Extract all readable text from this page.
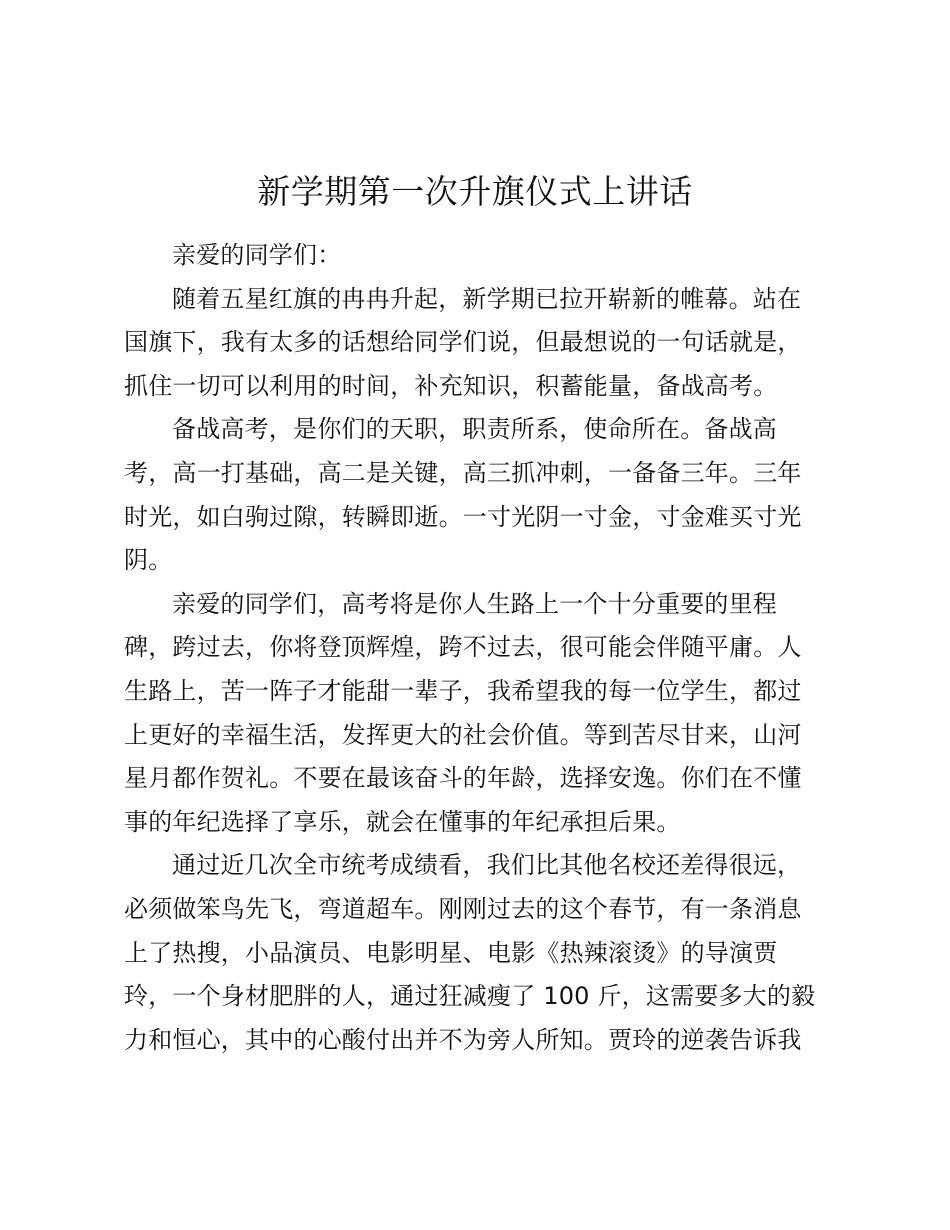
新学期第一次升旗仪式上讲话
亲爱的同学们：
随着五星红旗的冉冉升起，新学期已拉开崭新的帷幕。站在
国旗下，我有太多的话想给同学们说，但最想说的一句话就是，
抓住一切可以利用的时间，补充知识，积蓄能量，备战高考。
备战高考，是你们的天职，职责所系，使命所在。备战高
考，高一打基础，高二是关键，高三抓冲刺，一备备三年。三年
时光，如白驹过隙，转瞬即逝。一寸光阴一寸金，寸金难买寸光
阴。
亲爱的同学们，高考将是你人生路上一个十分重要的里程
碑，跨过去，你将登顶辉煌，跨不过去，很可能会伴随平庸。人
生路上，苦一阵子才能甜一辈子，我希望我的每一位学生，都过
上更好的幸福生活，发挥更大的社会价值。等到苦尽甘来，山河
星月都作贺礼。不要在最该奋斗的年龄，选择安逸。你们在不懂
事的年纪选择了享乐，就会在懂事的年纪承担后果。
通过近几次全市统考成绩看，我们比其他名校还差得很远，
必须做笨鸟先飞，弯道超车。刚刚过去的这个春节，有一条消息
上了热搜，小品演员、电影明星、电影《热辣滚烫》的导演贾
玲，一个身材肥胖的人，通过狂减瘦了 100 斤，这需要多大的毅
力和恒心，其中的心酸付出并不为旁人所知。贾玲的逆袭告诉我
